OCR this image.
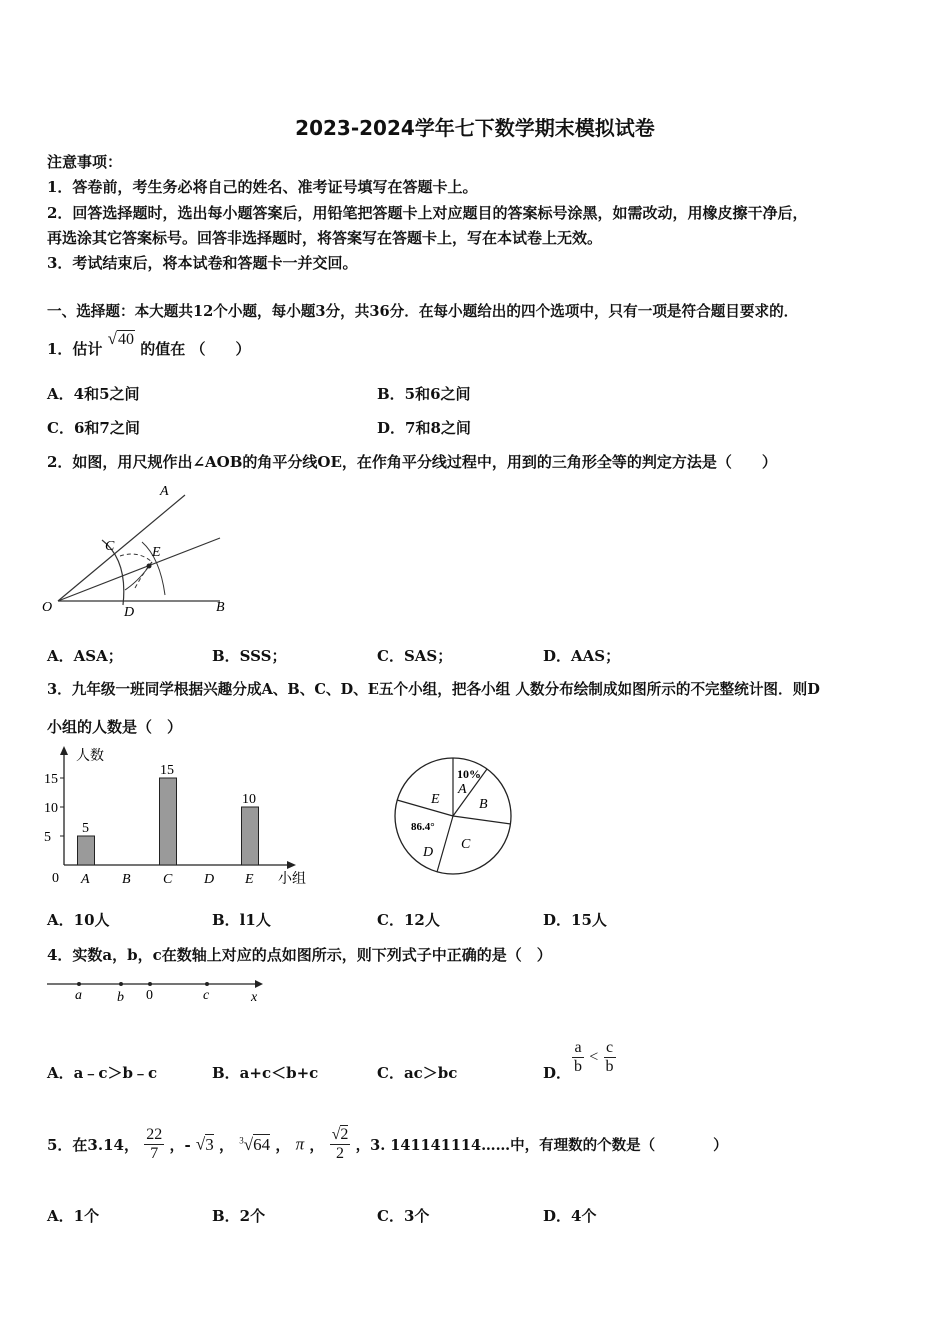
2023-2024学年七下数学期末模拟试卷
注意事项：
1．答卷前，考生务必将自己的姓名、准考证号填写在答题卡上。
2．回答选择题时，选出每小题答案后，用铅笔把答题卡上对应题目的答案标号涂黑，如需改动，用橡皮擦干净后，
再选涂其它答案标号。回答非选择题时，将答案写在答题卡上，写在本试卷上无效。
3．考试结束后，将本试卷和答题卡一并交回。
一、选择题：本大题共12个小题，每小题3分，共36分．在每小题给出的四个选项中，只有一项是符合题目要求的．
1．估计 √40 的值在 （　　）
A．4和5之间	B．5和6之间
C．6和7之间	D．7和8之间
2．如图，用尺规作出∠AOB的角平分线OE，在作角平分线过程中，用到的三角形全等的判定方法是（　　）
A
C	E
O	D	B
A．ASA；	B．SSS；	C．SAS；	D．AAS；
3．九年级一班同学根据兴趣分成A、B、C、D、E五个小组，把各小组 人数分布绘制成如图所示的不完整统计图．则D
小组的人数是（　）
人数
小组
0
5
10
15
5
A B
15
C D
10
E
10%
A
B
C
D
E
86.4°
A．10人	B．l1人	C．12人	D．15人
4．实数a，b，c在数轴上对应的点如图所示，则下列式子中正确的是（　）
a	b 0	c	x
A．a﹣c＞b﹣c	B．a+c＜b+c	C．ac＞bc	D． $\frac{a}{b} < \frac{c}{b}$
5．在3.14， $\frac{22}{7}$ ，- √3 ， $^3$√64 ， π ， $\frac{√2}{2}$ ，3. 141141114……中，有理数的个数是（　　　　）
A．1个	B．2个	C．3个	D．4个
